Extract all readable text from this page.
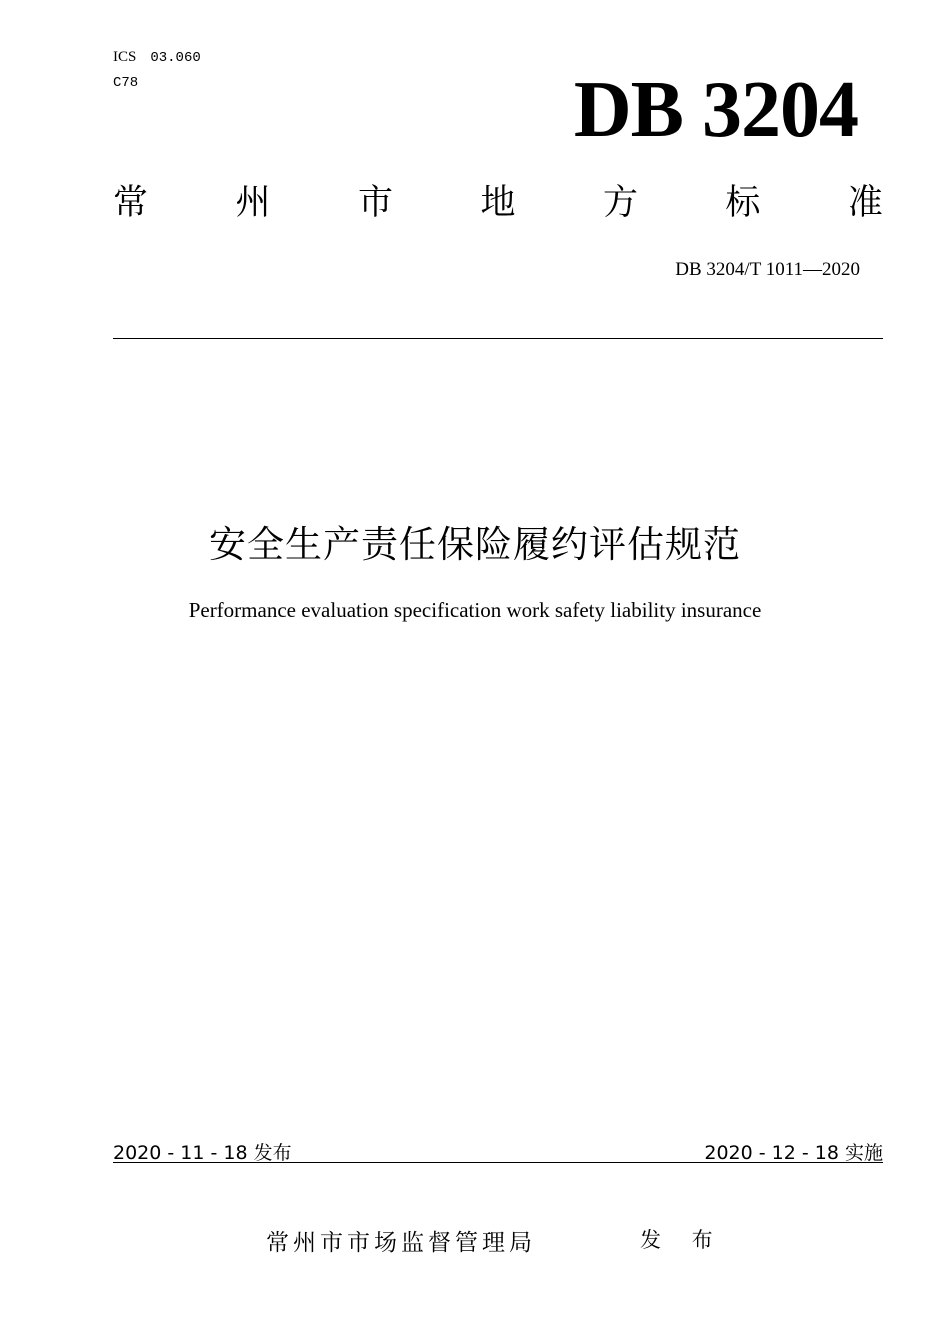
ICS 03.060
C78	DB 3204
常 州 市 地 方 标 准
DB 3204/T 1011—2020
安全生产责任保险履约评估规范
Performance evaluation specification work safety liability insurance
2020 - 11 - 18 发布	2020 - 12 - 18 实施
常州市市场监督管理局	发 布
